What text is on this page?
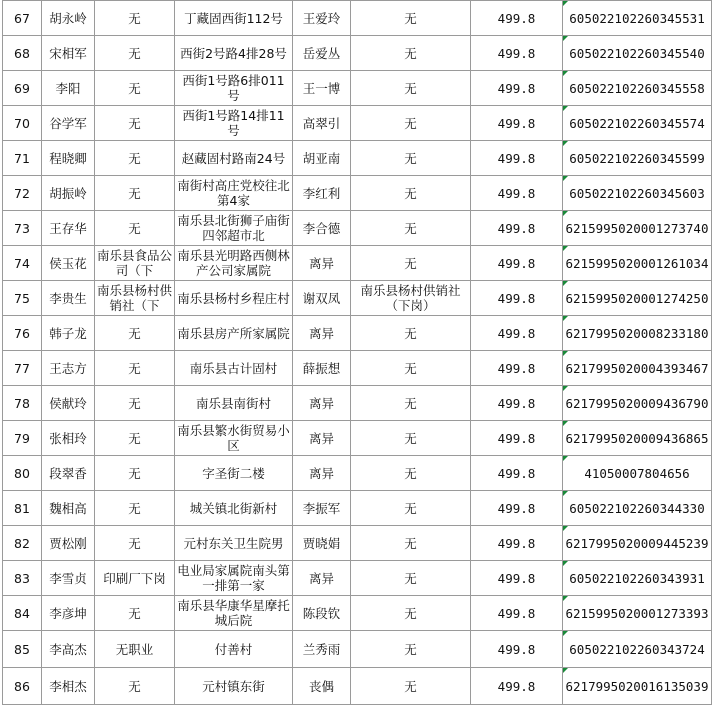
67	胡永岭	无	丁藏固西街112号	王爱玲	无	499.8	605022102260345531
68	宋相军	无	西街2号路4排28号	岳爱丛	无	499.8	605022102260345540
69	李阳	无	西街1号路6排011号	王一博	无	499.8	605022102260345558
70	谷学军	无	西街1号路14排11号	高翠引	无	499.8	605022102260345574
71	程晓卿	无	赵藏固村路南24号	胡亚南	无	499.8	605022102260345599
72	胡振岭	无	南街村高庄党校往北第4家	李红利	无	499.8	605022102260345603
73	王存华	无	南乐县北街狮子庙街四邻超市北	李合德	无	499.8	6215995020001273740
74	侯玉花	南乐县食品公司（下	南乐县光明路西侧林产公司家属院	离异	无	499.8	6215995020001261034
75	李贵生	南乐县杨村供销社（下	南乐县杨村乡程庄村	谢双凤	南乐县杨村供销社（下岗）	499.8	6215995020001274250
76	韩子龙	无	南乐县房产所家属院	离异	无	499.8	6217995020008233180
77	王志方	无	南乐县古计固村	薛振想	无	499.8	6217995020004393467
78	侯献玲	无	南乐县南街村	离异	无	499.8	6217995020009436790
79	张相玲	无	南乐县繁水街贸易小区	离异	无	499.8	6217995020009436865
80	段翠香	无	字圣街二楼	离异	无	499.8	41050007804656
81	魏相高	无	城关镇北街新村	李振军	无	499.8	605022102260344330
82	贾松刚	无	元村东关卫生院男	贾晓娟	无	499.8	6217995020009445239
83	李雪贞	印刷厂下岗	电业局家属院南头第一排第一家	离异	无	499.8	605022102260343931
84	李彦坤	无	南乐县华康华星摩托城后院	陈段钦	无	499.8	6215995020001273393
85	李高杰	无职业	付善村	兰秀雨	无	499.8	605022102260343724
86	李相杰	无	元村镇东街	丧偶	无	499.8	6217995020016135039
